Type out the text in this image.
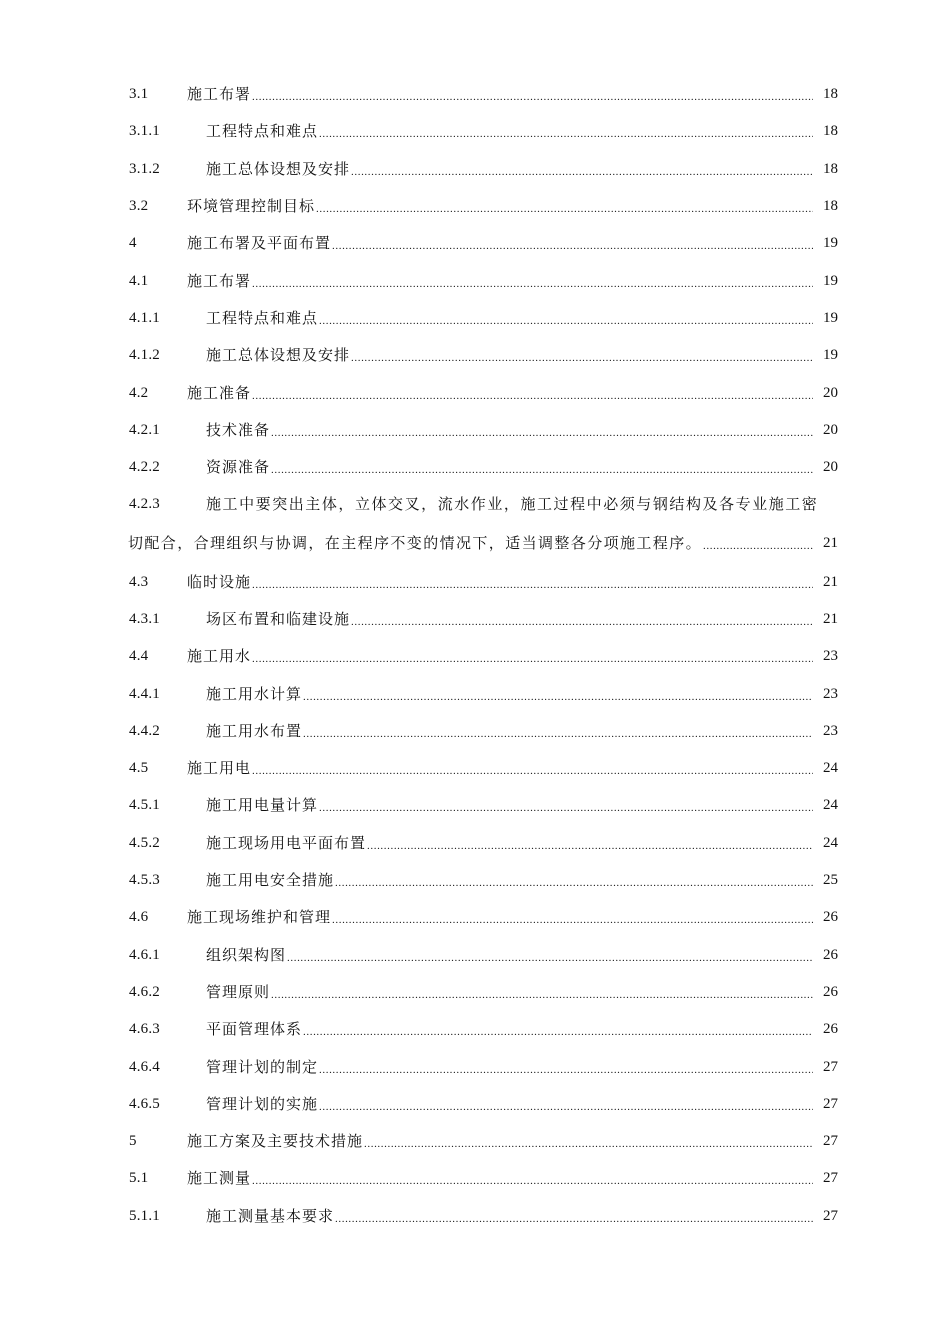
3.1	施工布署 .....	18
3.1.1	工程特点和难点 .....	18
3.1.2	施工总体设想及安排 .....	18
3.2	环境管理控制目标 .....	18
4	施工布署及平面布置 .....	19
4.1	施工布署 .....	19
4.1.1	工程特点和难点 .....	19
4.1.2	施工总体设想及安排 .....	19
4.2	施工准备 .....	20
4.2.1	技术准备 .....	20
4.2.2	资源准备 .....	20
4.2.3	施工中要突出主体，立体交叉，流水作业，施工过程中必须与钢结构及各专业施工密
切配合，合理组织与协调，在主程序不变的情况下，适当调整各分项施工程序。 .....	21
4.3	临时设施 .....	21
4.3.1	场区布置和临建设施 .....	21
4.4	施工用水 .....	23
4.4.1	施工用水计算 .....	23
4.4.2	施工用水布置 .....	23
4.5	施工用电 .....	24
4.5.1	施工用电量计算 .....	24
4.5.2	施工现场用电平面布置 .....	24
4.5.3	施工用电安全措施 .....	25
4.6	施工现场维护和管理 .....	26
4.6.1	组织架构图 .....	26
4.6.2	管理原则 .....	26
4.6.3	平面管理体系 .....	26
4.6.4	管理计划的制定 .....	27
4.6.5	管理计划的实施 .....	27
5	施工方案及主要技术措施 .....	27
5.1	施工测量 .....	27
5.1.1	施工测量基本要求 .....	27
